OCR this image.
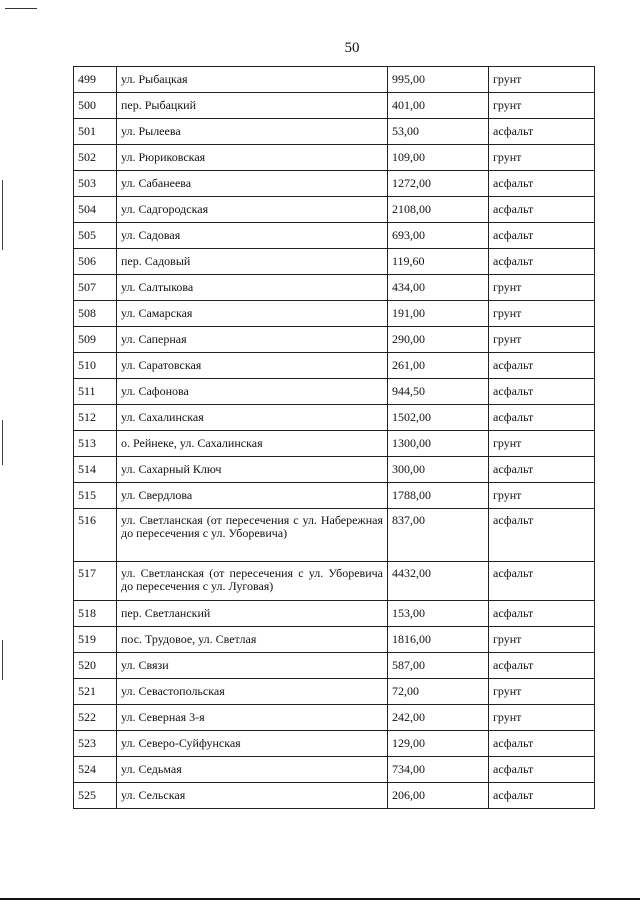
50
499	ул. Рыбацкая	995,00	грунт
500	пер. Рыбацкий	401,00	грунт
501	ул. Рылеева	53,00	асфальт
502	ул. Рюриковская	109,00	грунт
503	ул. Сабанеева	1272,00	асфальт
504	ул. Садгородская	2108,00	асфальт
505	ул. Садовая	693,00	асфальт
506	пер. Садовый	119,60	асфальт
507	ул. Салтыкова	434,00	грунт
508	ул. Самарская	191,00	грунт
509	ул. Саперная	290,00	грунт
510	ул. Саратовская	261,00	асфальт
511	ул. Сафонова	944,50	асфальт
512	ул. Сахалинская	1502,00	асфальт
513	о. Рейнеке, ул. Сахалинская	1300,00	грунт
514	ул. Сахарный Ключ	300,00	асфальт
515	ул. Свердлова	1788,00	грунт
516	ул. Светланская (от пересечения с ул. Набережная до пересечения с ул. Уборевича)	837,00	асфальт
517	ул. Светланская (от пересечения с ул. Уборевича до пересечения с ул. Луговая)	4432,00	асфальт
518	пер. Светланский	153,00	асфальт
519	пос. Трудовое, ул. Светлая	1816,00	грунт
520	ул. Связи	587,00	асфальт
521	ул. Севастопольская	72,00	грунт
522	ул. Северная 3-я	242,00	грунт
523	ул. Северо-Суйфунская	129,00	асфальт
524	ул. Седьмая	734,00	асфальт
525	ул. Сельская	206,00	асфальт
